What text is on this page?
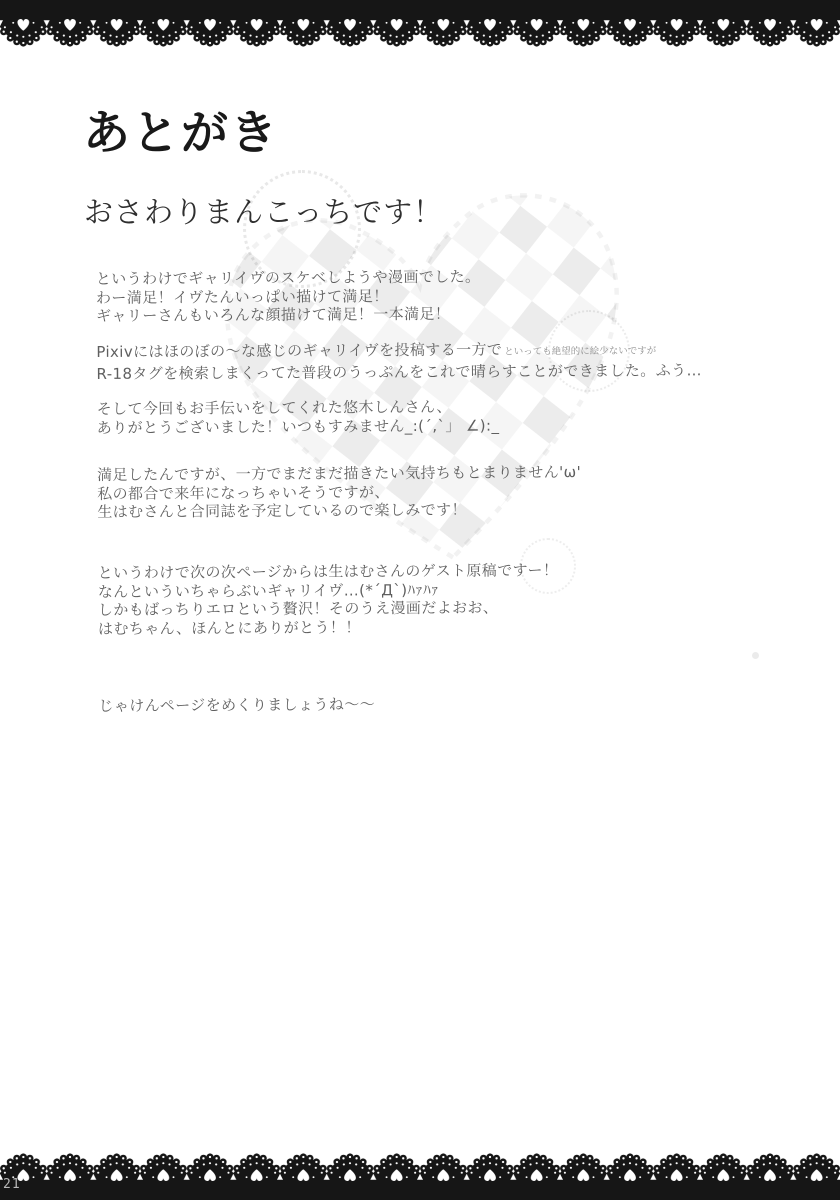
あとがき
おさわりまんこっちです！

というわけでギャリイヴのスケベしようや漫画でした。
わー満足！イヴたんいっぱい描けて満足！
ギャリーさんもいろんな顔描けて満足！一本満足！

Pixivにはほのぼの～な感じのギャリイヴを投稿する一方で といっても絶望的に絵少ないですが
R-18タグを検索しまくってた普段のうっぷんをこれで晴らすことができました。ふう…

そして今回もお手伝いをしてくれた悠木しんさん、
ありがとうございました！いつもすみません_:(´,`」 ∠):_

満足したんですが、一方でまだまだ描きたい気持ちもとまりません'ω'
私の都合で来年になっちゃいそうですが、
生はむさんと合同誌を予定しているので楽しみです！

というわけで次の次ページからは生はむさんのゲスト原稿ですー！
なんといういちゃらぶいギャリイヴ…(*´Д`)ﾊｧﾊｧ
しかもばっちりエロという贅沢！そのうえ漫画だよおお、
はむちゃん、ほんとにありがとう！！

じゃけんページをめくりましょうね～～

21
